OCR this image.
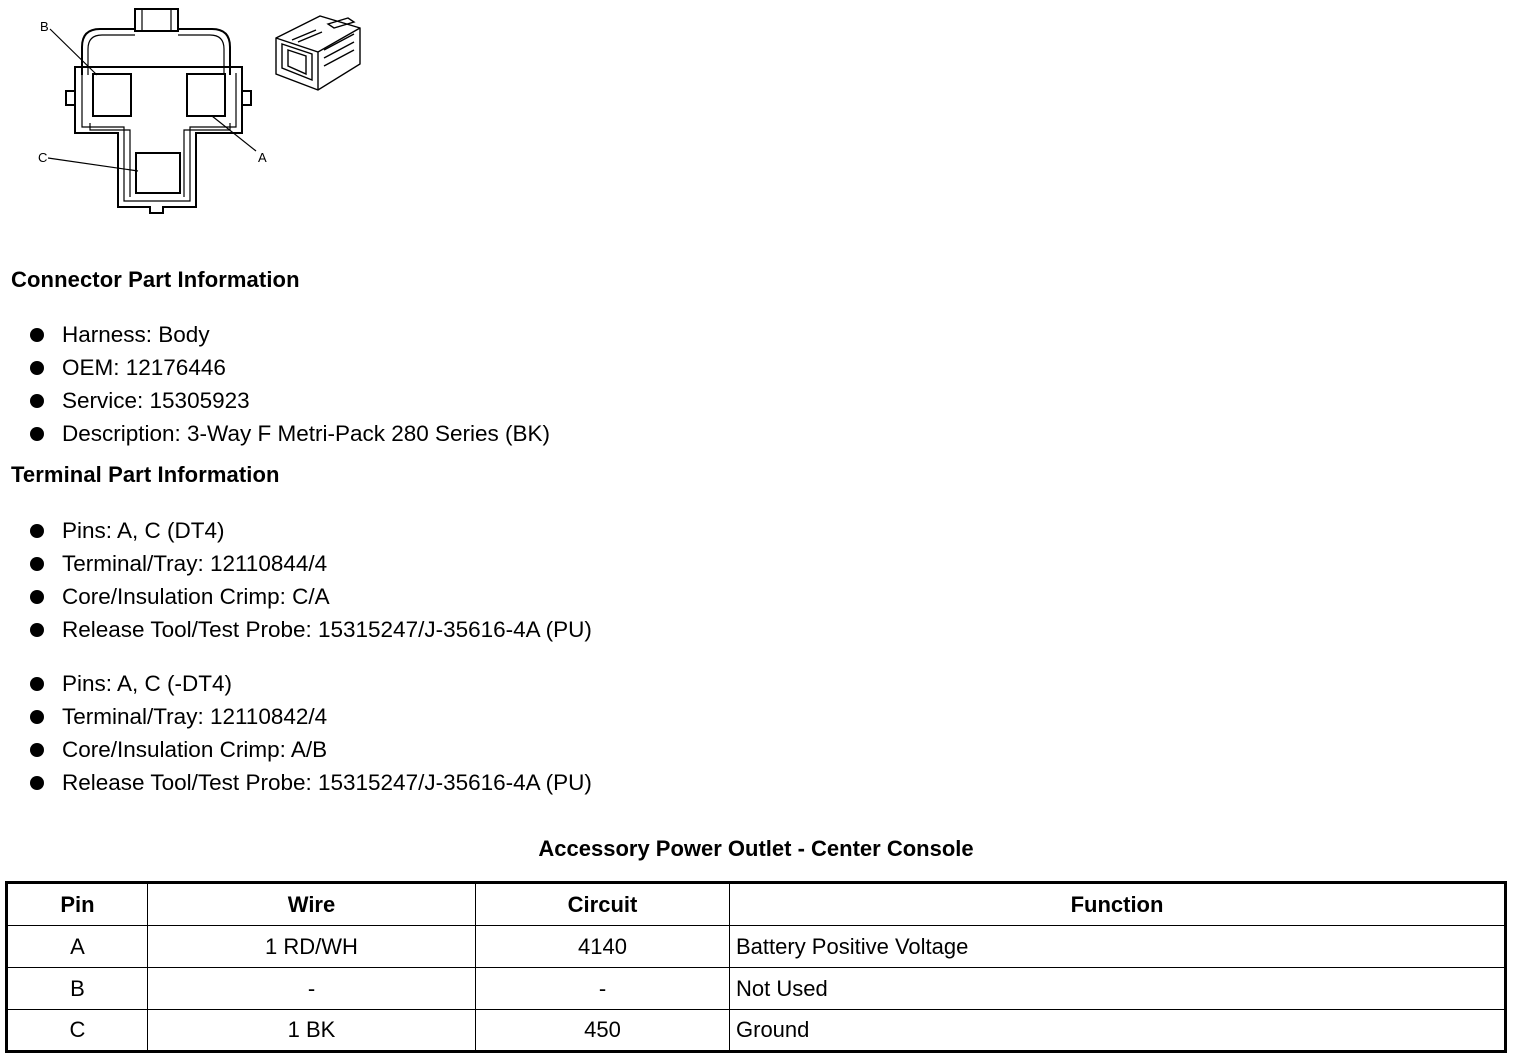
B
A
C
Connector Part Information
Harness: Body
OEM: 12176446
Service: 15305923
Description: 3-Way F Metri-Pack 280 Series (BK)
Terminal Part Information
Pins: A, C (DT4)
Terminal/Tray: 12110844/4
Core/Insulation Crimp: C/A
Release Tool/Test Probe: 15315247/J-35616-4A (PU)
Pins: A, C (-DT4)
Terminal/Tray: 12110842/4
Core/Insulation Crimp: A/B
Release Tool/Test Probe: 15315247/J-35616-4A (PU)
Accessory Power Outlet - Center Console
Pin	Wire	Circuit	Function
A	1 RD/WH	4140	Battery Positive Voltage
B	-	-	Not Used
C	1 BK	450	Ground
